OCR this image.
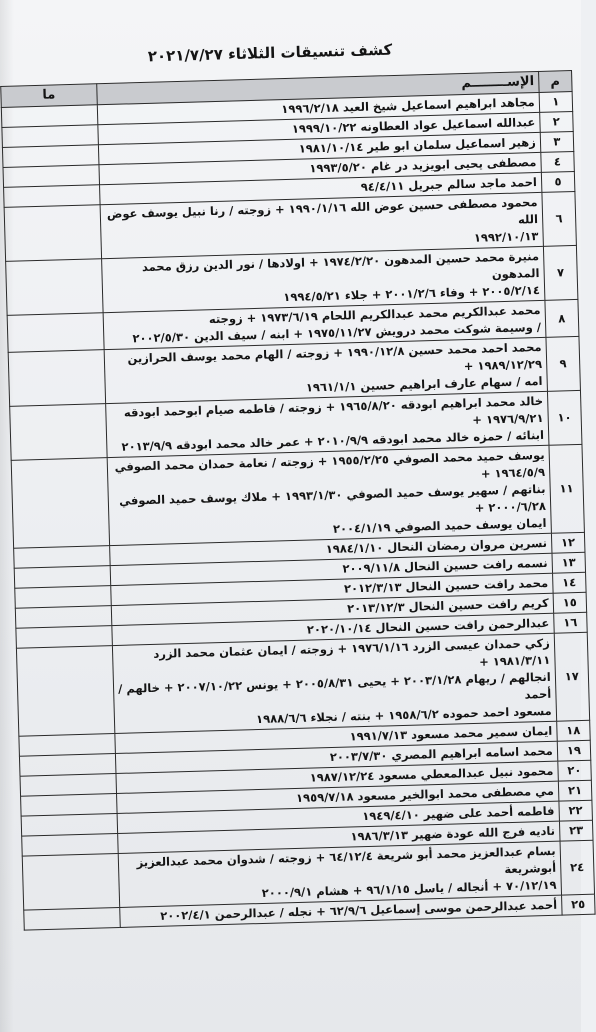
كشف تنسيقات الثلاثاء ٢٠٢١/٧/٢٧
م	الإســــــــم	ما
١	مجاهد ابراهيم اسماعيل شيخ العيد ١٩٩٦/٢/١٨	

٢	عبدالله اسماعيل عواد العطاونه ١٩٩٩/١٠/٢٢	

٣	زهير اسماعيل سلمان ابو طير ١٩٨١/١٠/١٤	

٤	مصطفى يحيى ابويزيد در غام ١٩٩٣/٥/٢٠	

٥	احمد ماجد سالم جبريل ٩٤/٤/١١	

٦	محمود مصطفى حسين عوض الله ١٩٩٠/١/١٦ + زوجته / رنا نبيل يوسف عوض الله
١٩٩٢/١٠/١٣	

٧	منيرة محمد حسين المدهون ١٩٧٤/٢/٢٠ + اولادها / نور الدين رزق محمد المدهون
٢٠٠٥/٢/١٤ + وفاء ٢٠٠١/٢/٦ + جلاء ١٩٩٤/٥/٢١	

٨	محمد عبدالكريم محمد عبدالكريم اللحام ١٩٧٣/٦/١٩ + زوجته
/ وسيمة شوكت محمد درويش ١٩٧٥/١١/٢٧ + ابنه / سيف الدين ٢٠٠٢/٥/٣٠	

٩	محمد احمد محمد حسين ١٩٩٠/١٢/٨ + زوجته / الهام محمد يوسف الحرازين ١٩٨٩/١٢/٢٩ +
امه / سهام عارف ابراهيم حسين ١٩٦١/١/١	

١٠	خالد محمد ابراهيم ابودقه ١٩٦٥/٨/٢٠ + زوجته / فاطمه صيام ابوحمد ابودقه ١٩٧٦/٩/٢١ +
ابنائه / حمزه خالد محمد ابودقه ٢٠١٠/٩/٩ + عمر خالد محمد ابودقه ٢٠١٣/٩/٩	

١١	يوسف حميد محمد الصوفي ١٩٥٥/٢/٢٥ + زوجته / نعامة حمدان محمد الصوفي ١٩٦٤/٥/٩ +
بناتهم / سهير يوسف حميد الصوفي ١٩٩٣/١/٣٠ + ملاك يوسف حميد الصوفي ٢٠٠٠/٦/٢٨ +
ايمان يوسف حميد الصوفي ٢٠٠٤/١/١٩	

١٢	نسرين مروان رمضان النحال ١٩٨٤/١/١٠	

١٣	نسمه رافت حسين النحال ٢٠٠٩/١١/٨	

١٤	محمد رافت حسين النحال ٢٠١٢/٣/١٣	

١٥	كريم رافت حسين النحال ٢٠١٣/١٢/٣	

١٦	عبدالرحمن رافت حسين النحال ٢٠٢٠/١٠/١٤	

١٧	زكي حمدان عيسى الزرد ١٩٧٦/١/١٦ + زوجته / ايمان عثمان محمد الزرد ١٩٨١/٣/١١ +
انجالهم / ريهام ٢٠٠٣/١/٢٨ + يحيى ٢٠٠٥/٨/٣١ + يونس ٢٠٠٧/١٠/٢٢ + خالهم / أحمد
مسعود احمد حموده ١٩٥٨/٦/٢ + بنته / نجلاء ١٩٨٨/٦/٦	

١٨	ايمان سمير محمد مسعود ١٩٩١/٧/١٣	

١٩	محمد اسامه ابراهيم المصري ٢٠٠٣/٧/٣٠	

٢٠	محمود نبيل عبدالمعطي مسعود ١٩٨٧/١٢/٢٤	

٢١	مي مصطفى محمد ابوالخير مسعود ١٩٥٩/٧/١٨	

٢٢	فاطمه أحمد على ضهير ١٩٤٩/٤/١٠	

٢٣	ناديه فرج الله عودة ضهير ١٩٨٦/٣/١٣	

٢٤	بسام عبدالعزيز محمد أبو شريعة ٦٤/١٢/٤ + زوجته / شدوان محمد عبدالعزيز أبوشريعة
٧٠/١٢/١٩ + أنجاله / ياسل ٩٦/١/١٥ + هشام ٢٠٠٠/٩/١	

٢٥	أحمد عبدالرحمن موسى إسماعيل ٦٢/٩/٦ + نجله / عبدالرحمن ٢٠٠٢/٤/١	
